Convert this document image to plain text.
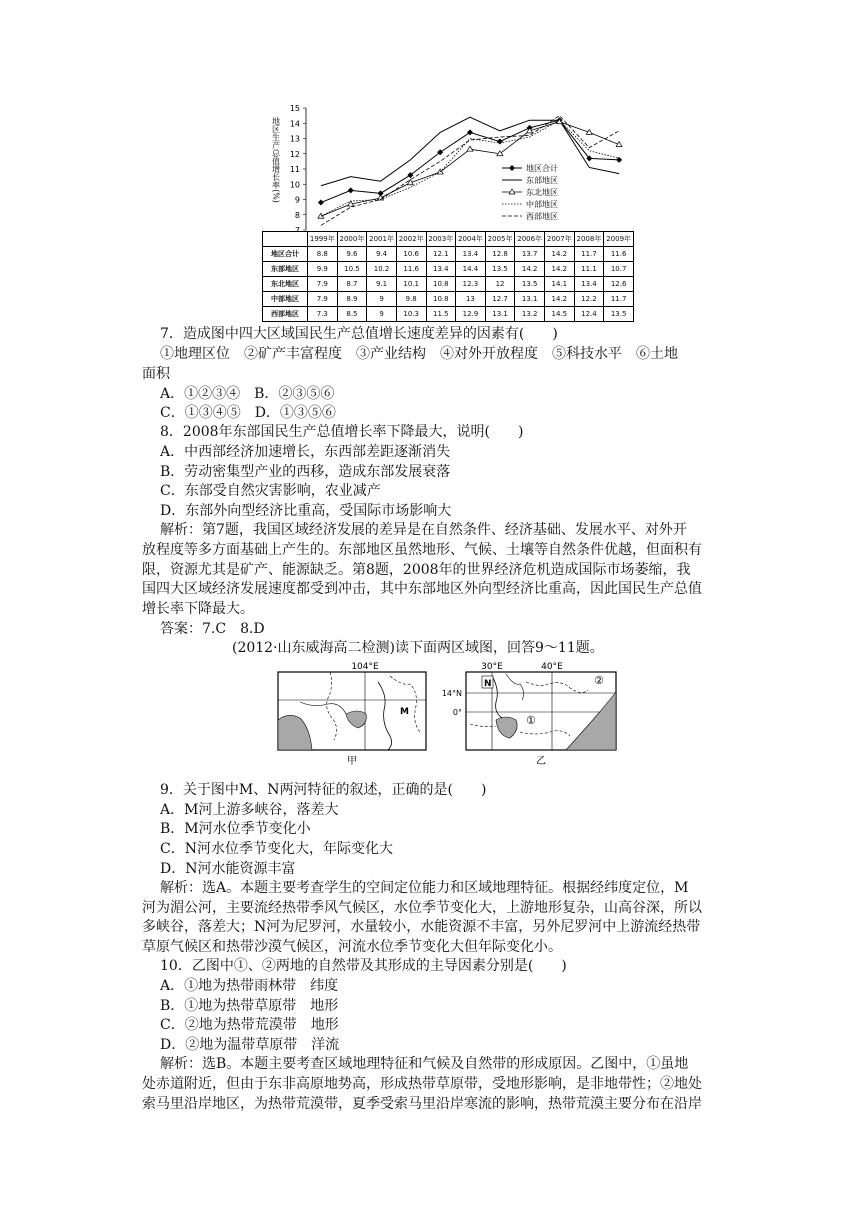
地区生产总值增长率(%)
7
8
9
10
11
12
13
14
15
地区合计
东部地区
东北地区
中部地区
西部地区
	1999年	2000年	2001年	2002年	2003年	2004年	2005年	2006年	2007年	2008年	2009年
地区合计	8.8	9.6	9.4	10.6	12.1	13.4	12.8	13.7	14.2	11.7	11.6
东部地区	9.9	10.5	10.2	11.6	13.4	14.4	13.5	14.2	14.2	11.1	10.7
东北地区	7.9	8.7	9.1	10.1	10.8	12.3	12	13.5	14.1	13.4	12.6
中部地区	7.9	8.9	9	9.8	10.8	13	12.7	13.1	14.2	12.2	11.7
西部地区	7.3	8.5	9	10.3	11.5	12.9	13.1	13.2	14.5	12.4	13.5
104°E
M
甲
30°E	40°E
14°N
0°
N
①
②
乙
7．造成图中四大区域国民生产总值增长速度差异的因素有(　　)
①地理区位　②矿产丰富程度　③产业结构　④对外开放程度　⑤科技水平　⑥土地
面积
A．①②③④　B．②③⑤⑥
C．①③④⑤　D．①③⑤⑥
8．2008年东部国民生产总值增长率下降最大，说明(　　)
A．中西部经济加速增长，东西部差距逐渐消失
B．劳动密集型产业的西移，造成东部发展衰落
C．东部受自然灾害影响，农业减产
D．东部外向型经济比重高，受国际市场影响大
解析：第7题，我国区域经济发展的差异是在自然条件、经济基础、发展水平、对外开
放程度等多方面基础上产生的。东部地区虽然地形、气候、土壤等自然条件优越，但面积有
限，资源尤其是矿产、能源缺乏。第8题，2008年的世界经济危机造成国际市场萎缩，我
国四大区域经济发展速度都受到冲击，其中东部地区外向型经济比重高，因此国民生产总值
增长率下降最大。
答案：7.C　8.D
(2012·山东威海高二检测)读下面两区域图，回答9～11题。
9．关于图中M、N两河特征的叙述，正确的是(　　)
A．M河上游多峡谷，落差大
B．M河水位季节变化小
C．N河水位季节变化大，年际变化大
D．N河水能资源丰富
解析：选A。本题主要考查学生的空间定位能力和区域地理特征。根据经纬度定位，M
河为湄公河，主要流经热带季风气候区，水位季节变化大，上游地形复杂，山高谷深，所以
多峡谷，落差大；N河为尼罗河，水量较小，水能资源不丰富，另外尼罗河中上游流经热带
草原气候区和热带沙漠气候区，河流水位季节变化大但年际变化小。
10．乙图中①、②两地的自然带及其形成的主导因素分别是(　　)
A．①地为热带雨林带　纬度
B．①地为热带草原带　地形
C．②地为热带荒漠带　地形
D．②地为温带草原带　洋流
解析：选B。本题主要考查区域地理特征和气候及自然带的形成原因。乙图中，①虽地
处赤道附近，但由于东非高原地势高，形成热带草原带，受地形影响，是非地带性；②地处
索马里沿岸地区，为热带荒漠带，夏季受索马里沿岸寒流的影响，热带荒漠主要分布在沿岸
